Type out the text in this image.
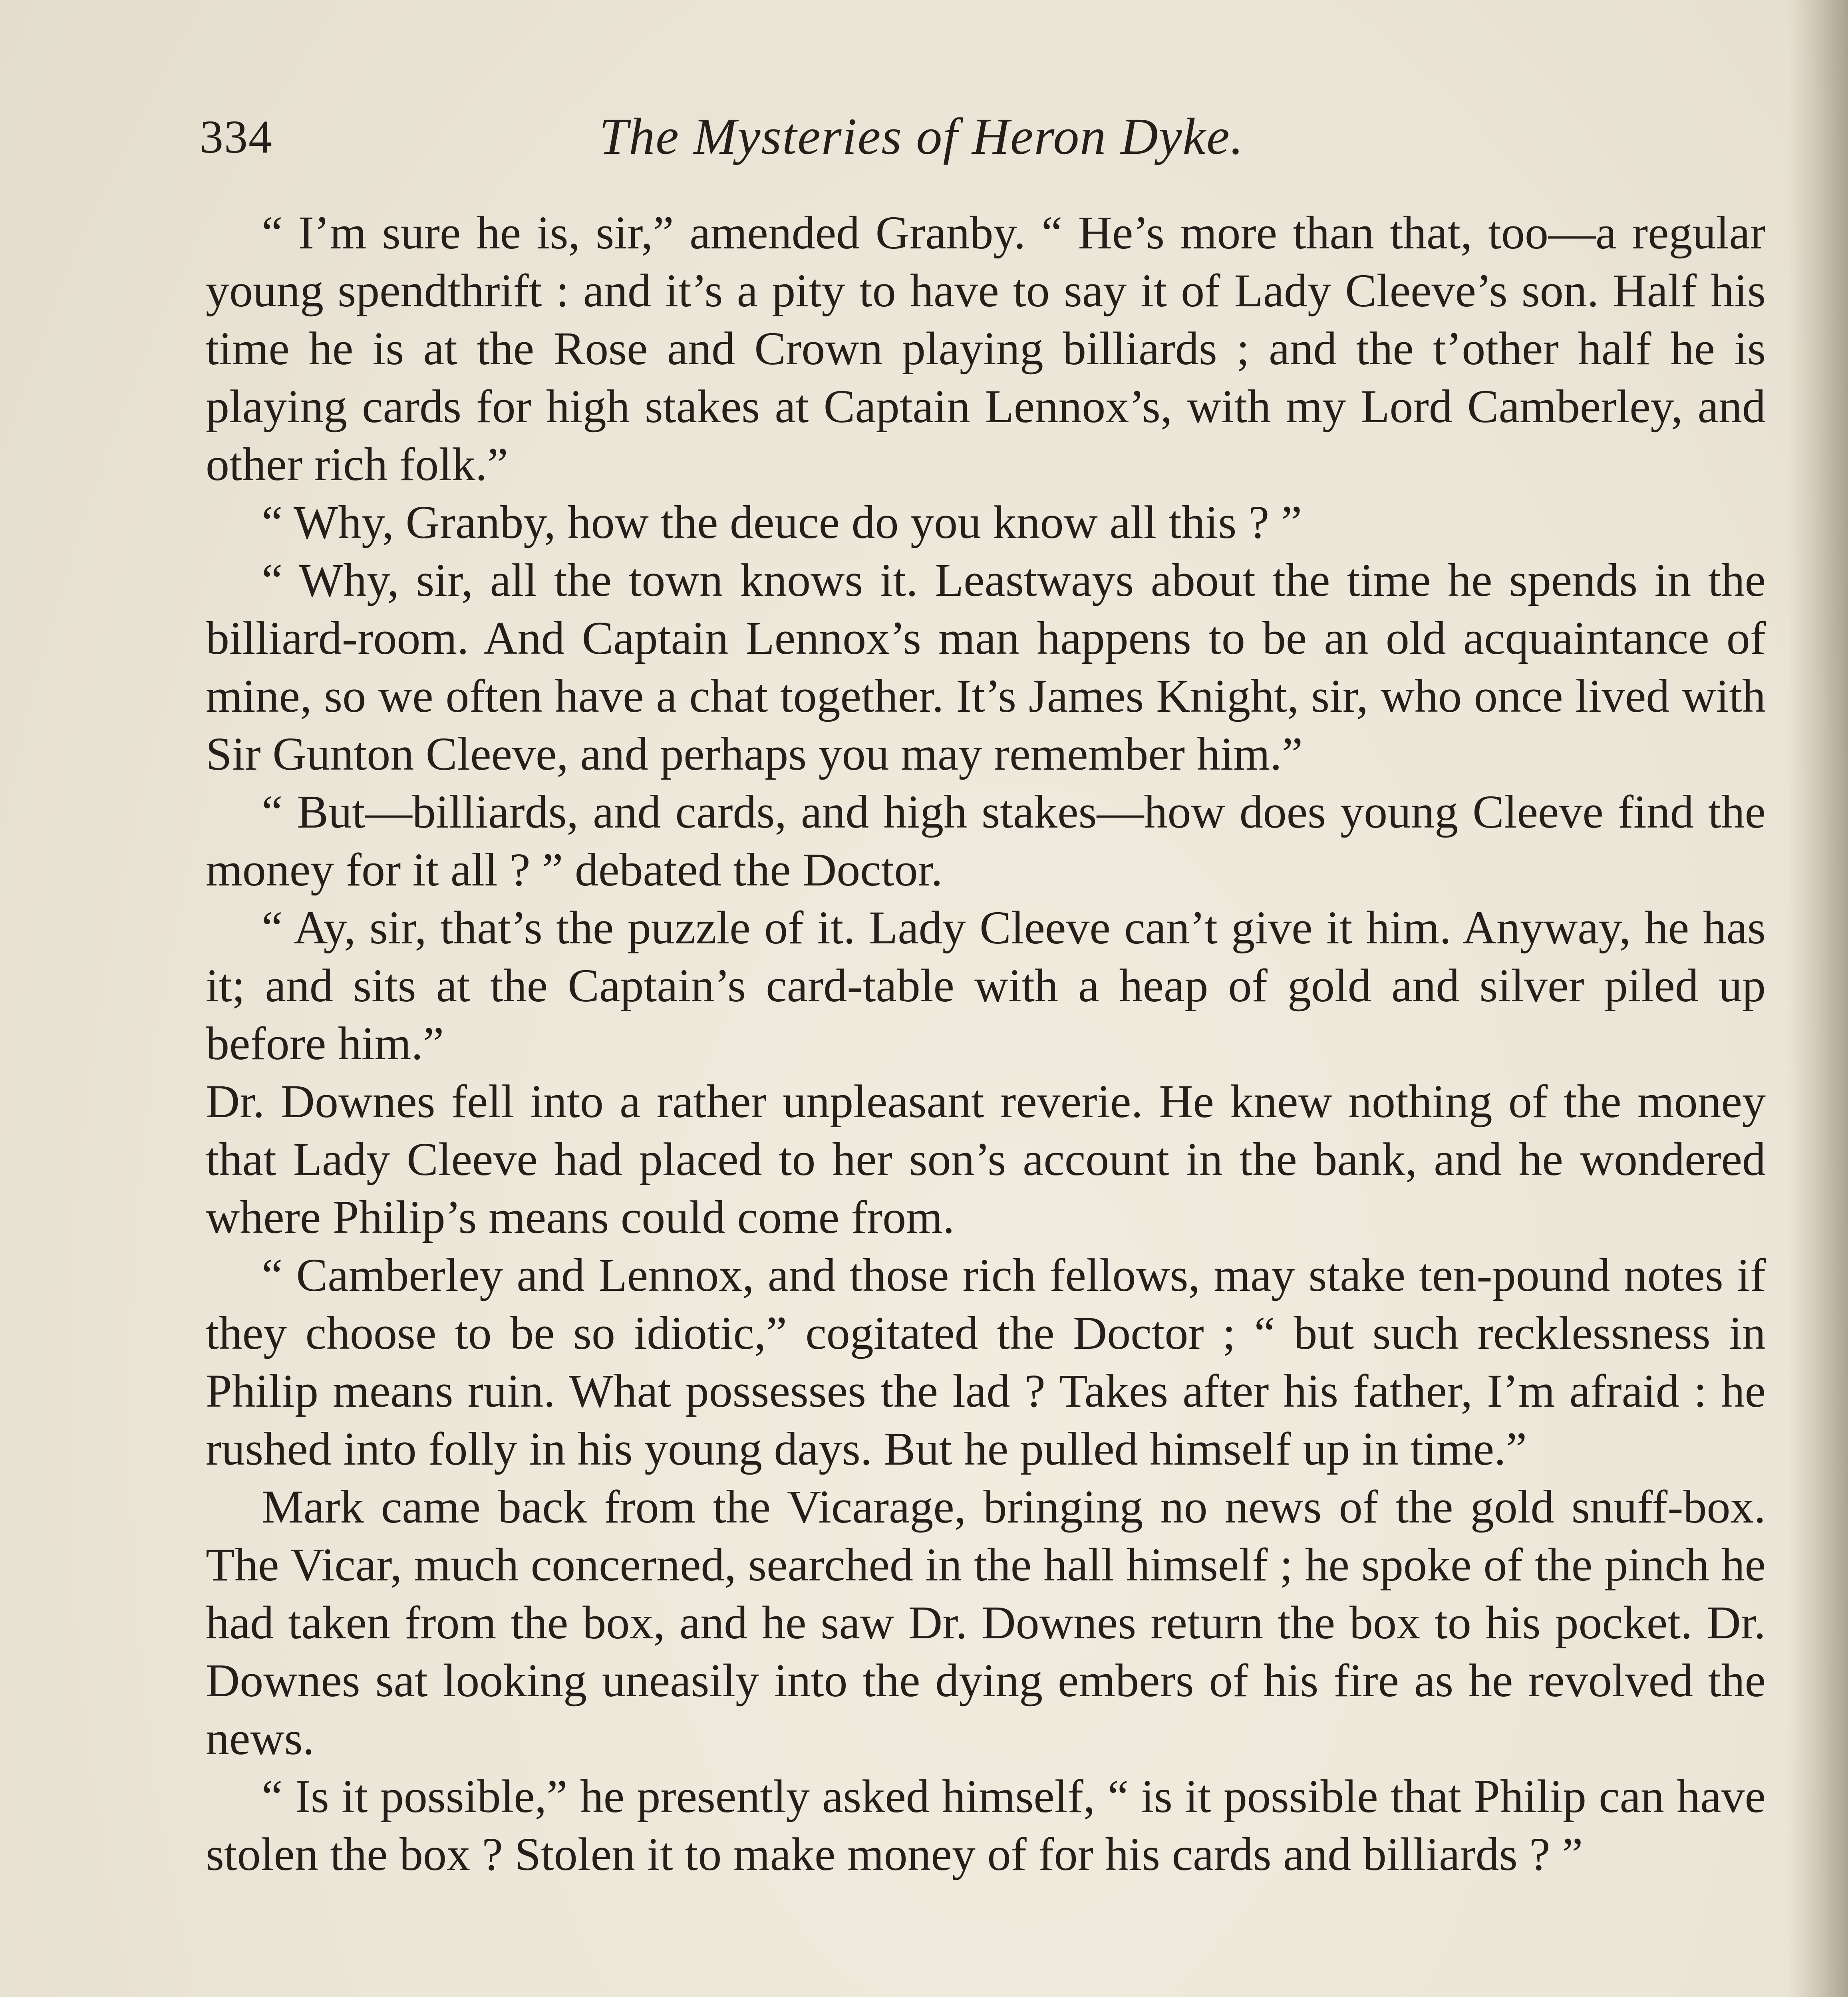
334	The Mysteries of Heron Dyke.

“ I’m sure he is, sir,” amended Granby. “ He’s more than that, too—a regular young spendthrift : and it’s a pity to have to say it of Lady Cleeve’s son. Half his time he is at the Rose and Crown playing billiards ; and the t’other half he is playing cards for high stakes at Captain Lennox’s, with my Lord Camberley, and other rich folk.”

“ Why, Granby, how the deuce do you know all this ? ”

“ Why, sir, all the town knows it. Leastways about the time he spends in the billiard-room. And Captain Lennox’s man happens to be an old acquaintance of mine, so we often have a chat together. It’s James Knight, sir, who once lived with Sir Gunton Cleeve, and perhaps you may remember him.”

“ But—billiards, and cards, and high stakes—how does young Cleeve find the money for it all ? ” debated the Doctor.

“ Ay, sir, that’s the puzzle of it. Lady Cleeve can’t give it him. Anyway, he has it; and sits at the Captain’s card-table with a heap of gold and silver piled up before him.”

Dr. Downes fell into a rather unpleasant reverie. He knew nothing of the money that Lady Cleeve had placed to her son’s account in the bank, and he wondered where Philip’s means could come from.

“ Camberley and Lennox, and those rich fellows, may stake ten-pound notes if they choose to be so idiotic,” cogitated the Doctor ; “ but such recklessness in Philip means ruin. What possesses the lad ? Takes after his father, I’m afraid : he rushed into folly in his young days. But he pulled himself up in time.”

Mark came back from the Vicarage, bringing no news of the gold snuff-box. The Vicar, much concerned, searched in the hall himself ; he spoke of the pinch he had taken from the box, and he saw Dr. Downes return the box to his pocket. Dr. Downes sat looking uneasily into the dying embers of his fire as he revolved the news.

“ Is it possible,” he presently asked himself, “ is it possible that Philip can have stolen the box ? Stolen it to make money of for his cards and billiards ? ”
